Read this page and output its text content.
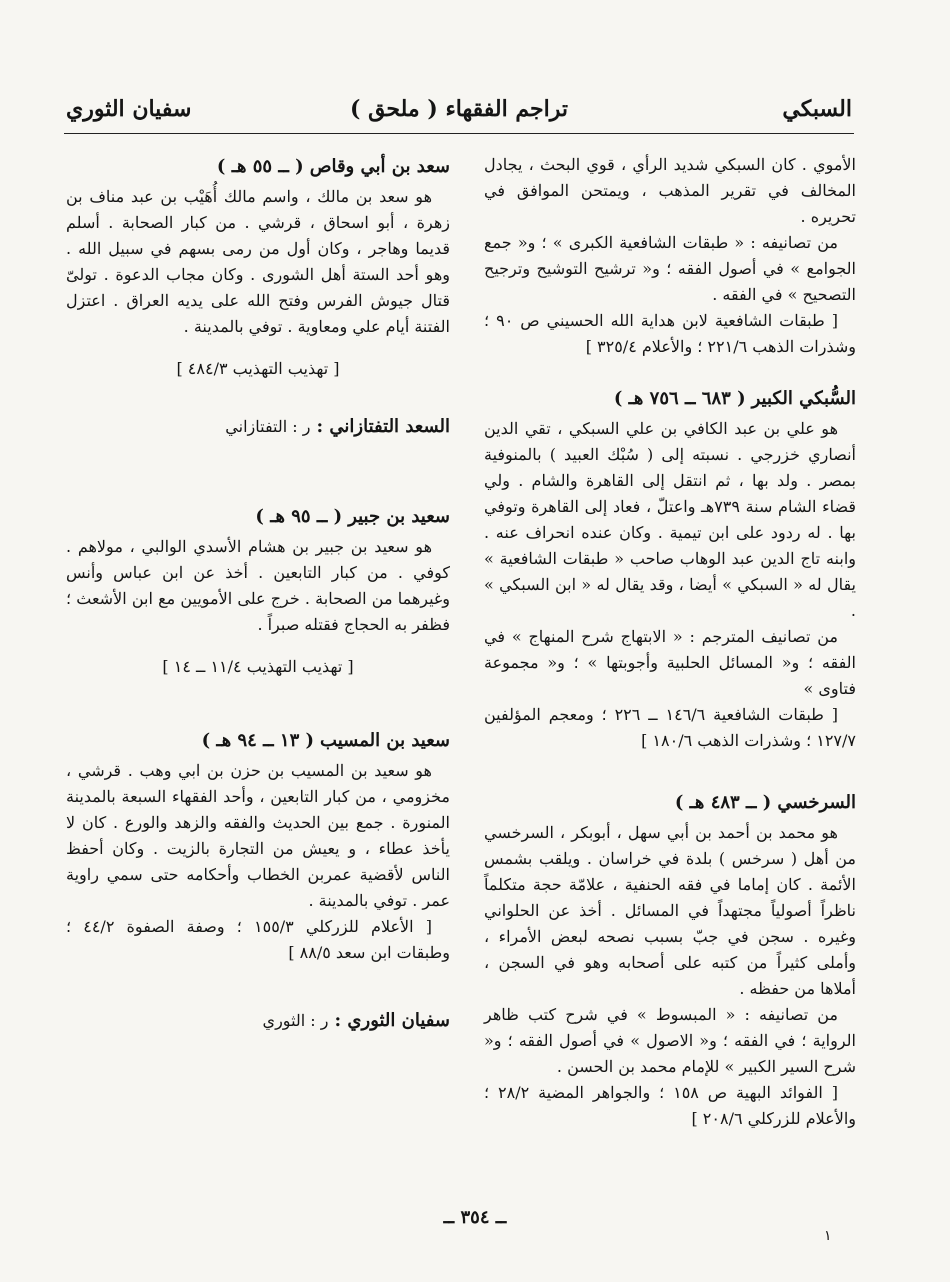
السبكي
( ملحق ) تراجم الفقهاء
سفيان الثوري

الأموي . كان السبكي شديد الرأي ، قوي البحث ، يجادل المخالف في تقرير المذهب ، ويمتحن الموافق في تحريره .

من تصانيفه : « طبقات الشافعية الكبرى » ؛ و« جمع الجوامع » في أصول الفقه ؛ و« ترشيح التوشيح وترجيح التصحيح » في الفقه .

[ طبقات الشافعية لابن هداية الله الحسيني ص ٩٠ ؛ وشذرات الذهب ٢٢١/٦ ؛ والأعلام ٣٢٥/٤ ]

السُّبكي الكبير( ٦٨٣ ــ ٧٥٦ هـ )

هو علي بن عبد الكافي بن علي السبكي ، تقي الدين أنصاري خزرجي . نسبته إلى ( سُبْك العبيد ) بالمنوفية بمصر . ولد بها ، ثم انتقل إلى القاهرة والشام . ولي قضاء الشام سنة ٧٣٩هـ واعتلّ ، فعاد إلى القاهرة وتوفي بها . له ردود على ابن تيمية . وكان عنده انحراف عنه . وابنه تاج الدين عبد الوهاب صاحب « طبقات الشافعية » يقال له « السبكي » أيضا ، وقد يقال له « ابن السبكي » .

من تصانيف المترجم : « الابتهاج شرح المنهاج » في الفقه ؛ و« المسائل الحلبية وأجوبتها » ؛ و« مجموعة فتاوى »

[ طبقات الشافعية ١٤٦/٦ ــ ٢٢٦ ؛ ومعجم المؤلفين ١٢٧/٧ ؛ وشذرات الذهب ١٨٠/٦ ]

السرخسي( ــ ٤٨٣ هـ )

هو محمد بن أحمد بن أبي سهل ، أبوبكر ، السرخسي من أهل ( سرخس ) بلدة في خراسان . ويلقب بشمس الأئمة . كان إماما في فقه الحنفية ، علامّة حجة متكلماً ناظراً أصولياً مجتهداً في المسائل . أخذ عن الحلواني وغيره . سجن في جبّ بسبب نصحه لبعض الأمراء ، وأملى كثيراً من كتبه على أصحابه وهو في السجن ، أملاها من حفظه .

من تصانيفه : « المبسوط » في شرح كتب ظاهر الرواية ؛ في الفقه ؛ و« الاصول » في أصول الفقه ؛ و« شرح السير الكبير » للإمام محمد بن الحسن .

[ الفوائد البهية ص ١٥٨ ؛ والجواهر المضية ٢٨/٢ ؛ والأعلام للزركلي ٢٠٨/٦ ]

سعد بن أبي وقاص( ــ ٥٥ هـ )

هو سعد بن مالك ، واسم مالك أُهَيْب بن عبد مناف بن زهرة ، أبو اسحاق ، قرشي . من كبار الصحابة . أسلم قديما وهاجر ، وكان أول من رمى بسهم في سبيل الله . وهو أحد الستة أهل الشورى . وكان مجاب الدعوة . تولىّ قتال جيوش الفرس وفتح الله على يديه العراق . اعتزل الفتنة أيام علي ومعاوية . توفي بالمدينة .

[ تهذيب التهذيب ٤٨٤/٣ ]

السعد التفتازاني :ر : التفتازاني
سعيد بن جبير( ــ ٩٥ هـ )

هو سعيد بن جبير بن هشام الأسدي الوالبي ، مولاهم . كوفي . من كبار التابعين . أخذ عن ابن عباس وأنس وغيرهما من الصحابة . خرج على الأمويين مع ابن الأشعث ؛ فظفر به الحجاج فقتله صبراً .

[ تهذيب التهذيب ١١/٤ ــ ١٤ ]

سعيد بن المسيب( ١٣ ــ ٩٤ هـ )

هو سعيد بن المسيب بن حزن بن ابي وهب . قرشي ، مخزومي ، من كبار التابعين ، وأحد الفقهاء السبعة بالمدينة المنورة . جمع بين الحديث والفقه والزهد والورع . كان لا يأخذ عطاء ، و يعيش من التجارة بالزيت . وكان أحفظ الناس لأقضية عمربن الخطاب وأحكامه حتى سمي راوية عمر . توفي بالمدينة .

[ الأعلام للزركلي ١٥٥/٣ ؛ وصفة الصفوة ٤٤/٢ ؛ وطبقات ابن سعد ٨٨/٥ ]

سفيان الثوري :ر : الثوري
ــ ٣٥٤ ــ
١
